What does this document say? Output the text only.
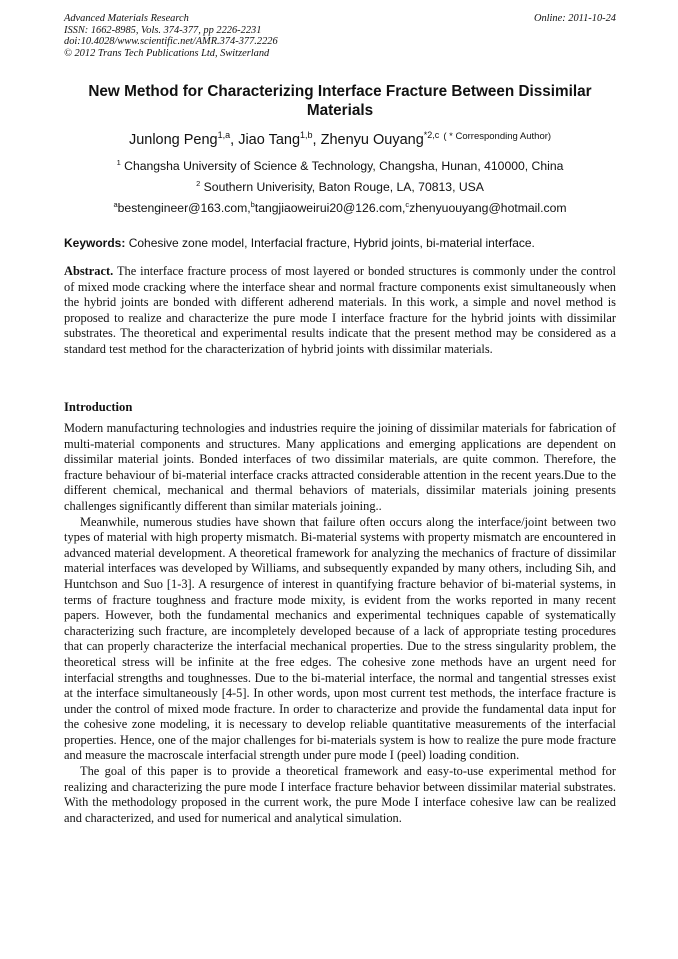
Advanced Materials Research
ISSN: 1662-8985, Vols. 374-377, pp 2226-2231
doi:10.4028/www.scientific.net/AMR.374-377.2226
© 2012 Trans Tech Publications Ltd, Switzerland
Online: 2011-10-24
New Method for Characterizing Interface Fracture Between Dissimilar Materials
Junlong Peng$^{1,a}$, Jiao Tang$^{1,b}$, Zhenyu Ouyang$^{*2,c}$ $^{( * Corresponding Author)}$
$^1$ Changsha University of Science & Technology, Changsha, Hunan, 410000, China
$^2$ Southern Univerisity, Baton Rouge, LA, 70813, USA
$^a$bestengineer@163.com,$^b$tangjiaoweirui20@126.com,$^c$zhenyuouyang@hotmail.com
Keywords: Cohesive zone model, Interfacial fracture, Hybrid joints, bi-material interface.

Abstract. The interface fracture process of most layered or bonded structures is commonly under the control of mixed mode cracking where the interface shear and normal fracture components exist simultaneously when the hybrid joints are bonded with different adherend materials. In this work, a simple and novel method is proposed to realize and characterize the pure mode I interface fracture for the hybrid joints with dissimilar substrates. The theoretical and experimental results indicate that the present method may be considered as a standard test method for the characterization of hybrid joints with dissimilar materials.

Introduction

Modern manufacturing technologies and industries require the joining of dissimilar materials for fabrication of multi-material components and structures. Many applications and emerging applications are dependent on dissimilar material joints. Bonded interfaces of two dissimilar materials, are quite common. Therefore, the fracture behaviour of bi-material interface cracks attracted considerable attention in the recent years.Due to the different chemical, mechanical and thermal behaviors of materials, dissimilar materials joining presents challenges significantly different than similar materials joining..

Meanwhile, numerous studies have shown that failure often occurs along the interface/joint between two types of material with high property mismatch. Bi-material systems with property mismatch are encountered in advanced material development. A theoretical framework for analyzing the mechanics of fracture of dissimilar material interfaces was developed by Williams, and subsequently expanded by many others, including Sih, and Huntchson and Suo [1-3]. A resurgence of interest in quantifying fracture behavior of bi-material systems, in terms of fracture toughness and fracture mode mixity, is evident from the works reported in many recent papers. However, both the fundamental mechanics and experimental techniques capable of systematically characterizing such fracture, are incompletely developed because of a lack of appropriate testing procedures that can properly characterize the interfacial mechanical properties. Due to the stress singularity problem, the theoretical stress will be infinite at the free edges. The cohesive zone methods have an urgent need for interfacial strengths and toughnesses. Due to the bi-material interface, the normal and tangential stresses exist at the interface simultaneously [4-5]. In other words, upon most current test methods, the interface fracture is under the control of mixed mode fracture. In order to characterize and provide the fundamental data input for the cohesive zone modeling, it is necessary to develop reliable quantitative measurements of the interfacial properties. Hence, one of the major challenges for bi-materials system is how to realize the pure mode fracture and measure the macroscale interfacial strength under pure mode I (peel) loading condition.

The goal of this paper is to provide a theoretical framework and easy-to-use experimental method for realizing and characterizing the pure mode I interface fracture behavior between dissimilar material substrates. With the methodology proposed in the current work, the pure Mode I interface cohesive law can be realized and characterized, and used for numerical and analytical simulation.
